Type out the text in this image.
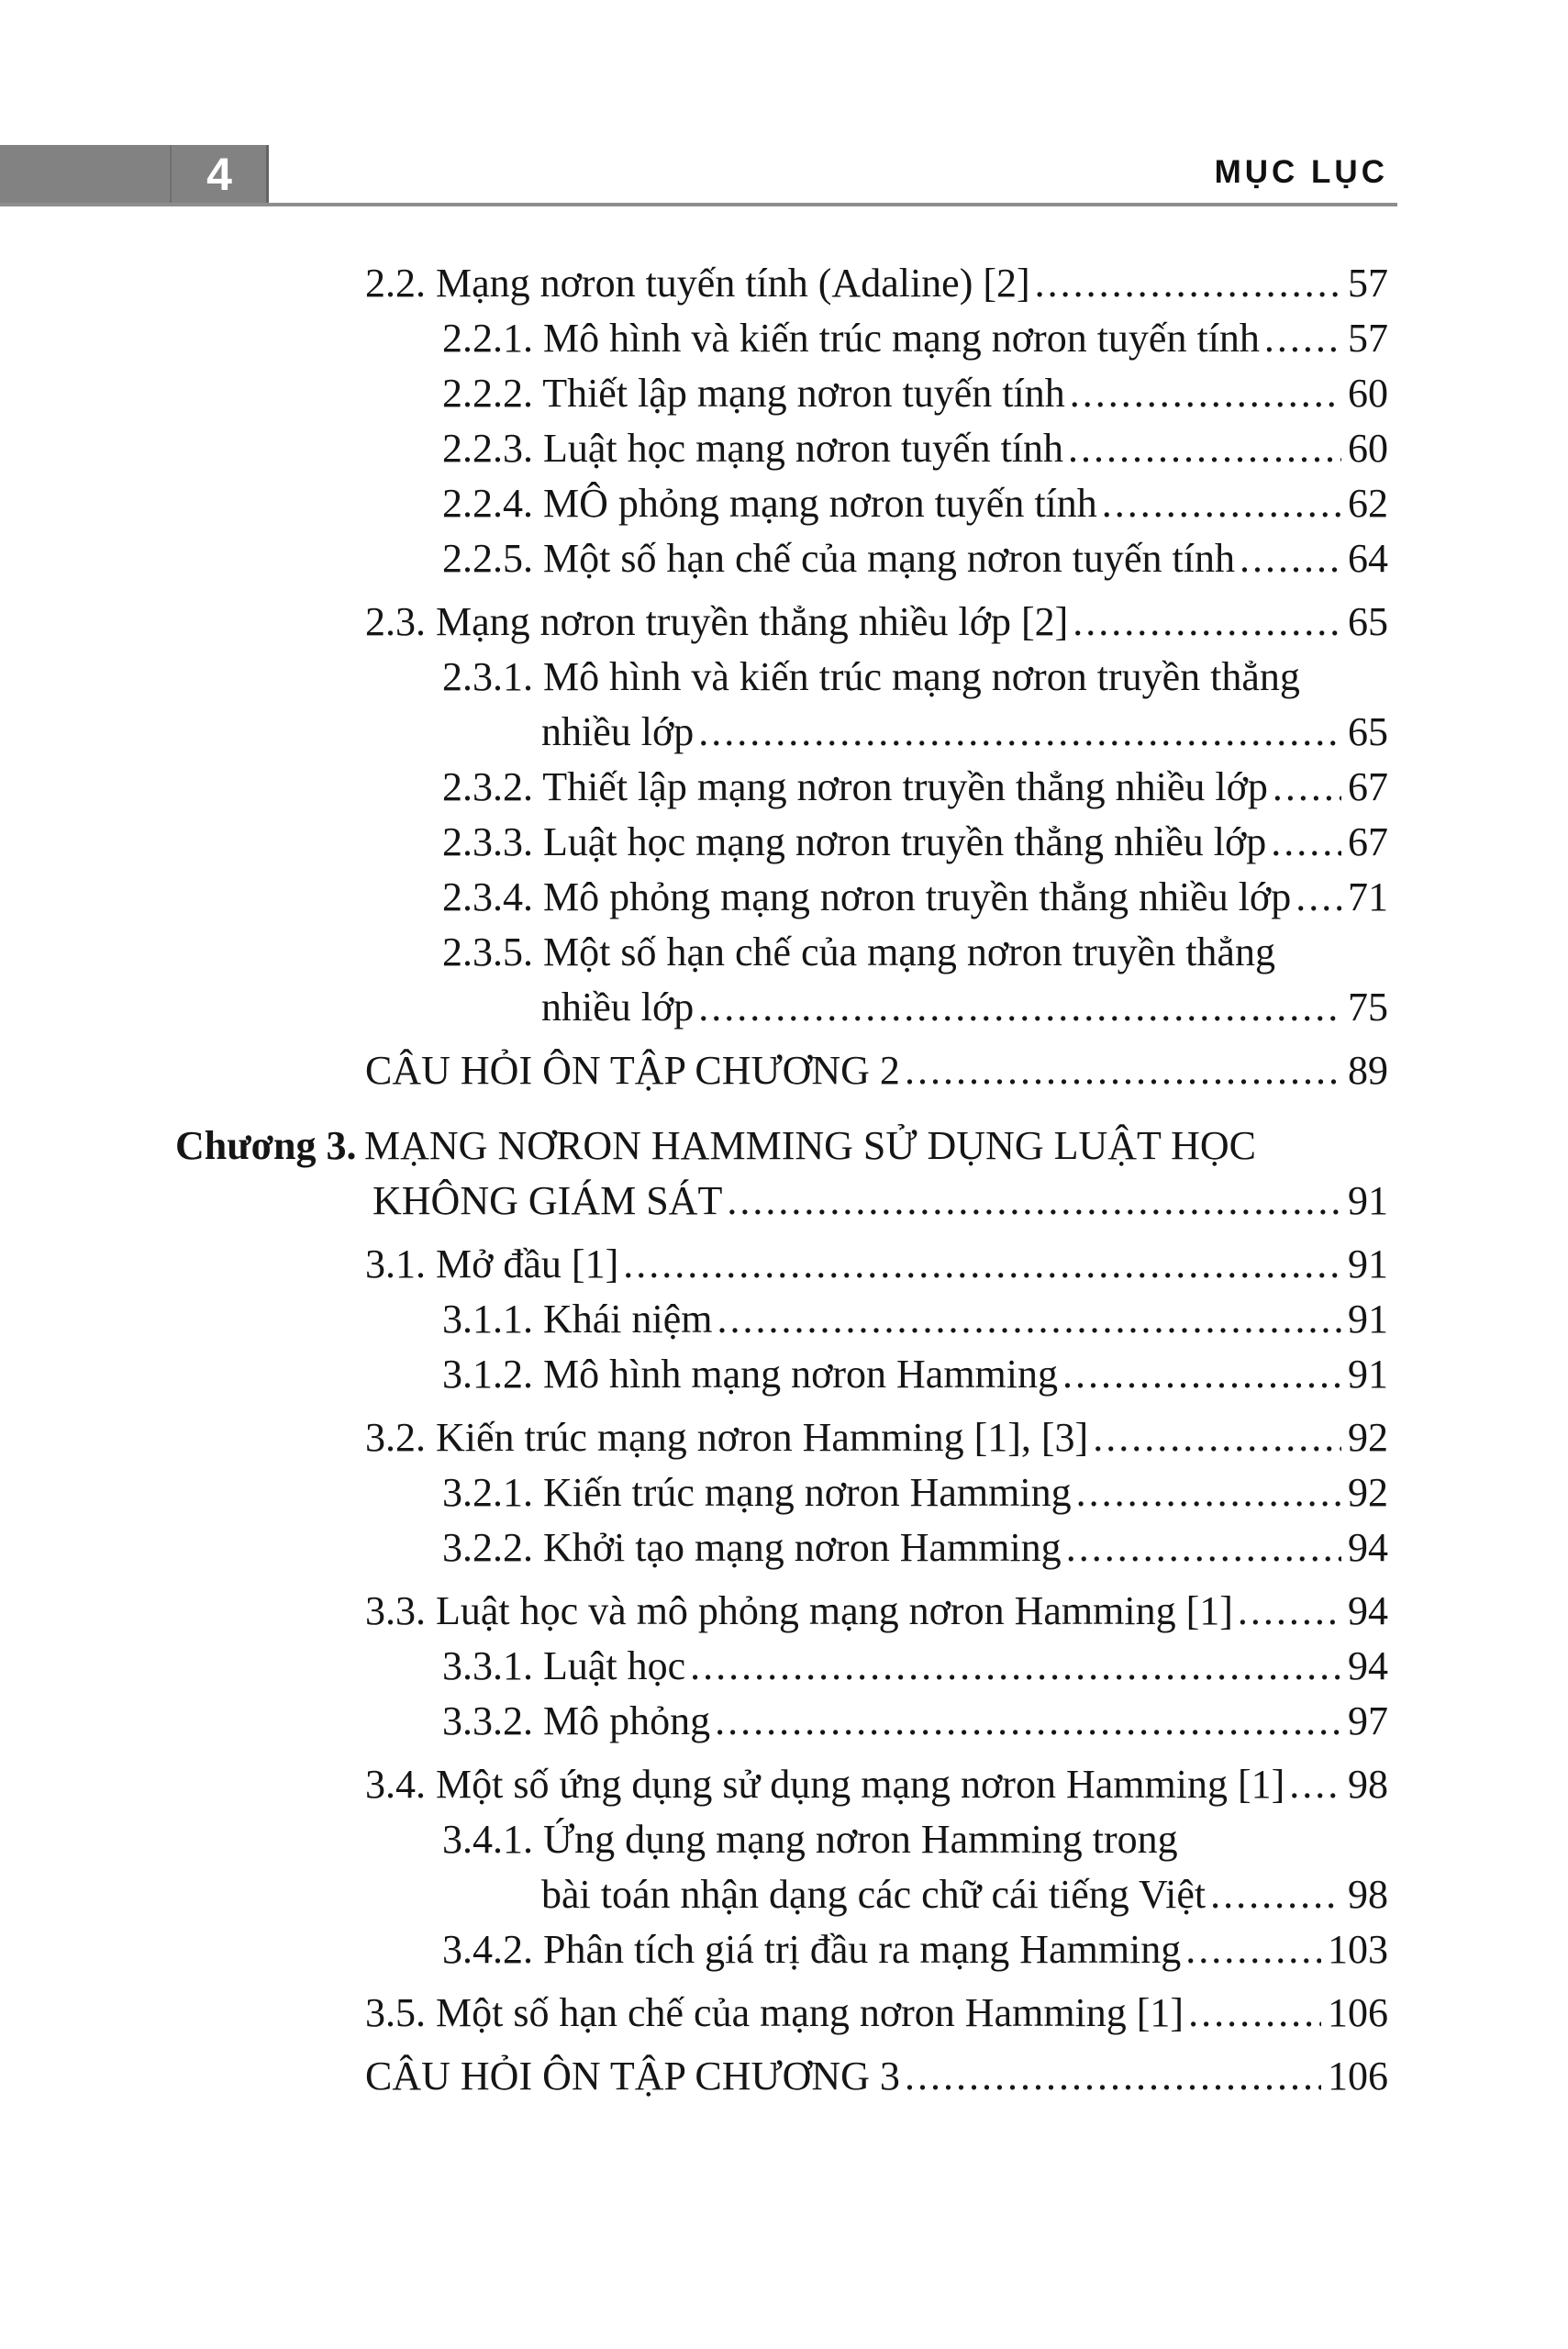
4	MỤC LỤC
2.2. Mạng nơron tuyến tính (Adaline) [2] .....	57
2.2.1. Mô hình và kiến trúc mạng nơron tuyến tính ..... 57
2.2.2. Thiết lập mạng nơron tuyến tính .....	60
2.2.3. Luật học mạng nơron tuyến tính .....	60
2.2.4. MÔ phỏng mạng nơron tuyến tính .....	62
2.2.5. Một số hạn chế của mạng nơron tuyến tính .....	64
2.3. Mạng nơron truyền thẳng nhiều lớp [2] .....	65
2.3.1. Mô hình và kiến trúc mạng nơron truyền thẳng
nhiều lớp .....	65
2.3.2. Thiết lập mạng nơron truyền thẳng nhiều lớp ..... 67
2.3.3. Luật học mạng nơron truyền thẳng nhiều lớp ..... 67
2.3.4. Mô phỏng mạng nơron truyền thẳng nhiều lớp ..... 71
2.3.5. Một số hạn chế của mạng nơron truyền thẳng
nhiều lớp .....	75
CÂU HỎI ÔN TẬP CHƯƠNG 2 .....	89
Chương 3. MẠNG NƠRON HAMMING SỬ DỤNG LUẬT HỌC
KHÔNG GIÁM SÁT .....	91
3.1. Mở đầu [1] .....	91
3.1.1. Khái niệm .....	91
3.1.2. Mô hình mạng nơron Hamming .....	91
3.2. Kiến trúc mạng nơron Hamming [1], [3] .....	92
3.2.1. Kiến trúc mạng nơron Hamming .....	92
3.2.2. Khởi tạo mạng nơron Hamming .....	94
3.3. Luật học và mô phỏng mạng nơron Hamming [1] .....	94
3.3.1. Luật học .....	94
3.3.2. Mô phỏng .....	97
3.4. Một số ứng dụng sử dụng mạng nơron Hamming [1] ..... 98
3.4.1. Ứng dụng mạng nơron Hamming trong
bài toán nhận dạng các chữ cái tiếng Việt .....	98
3.4.2. Phân tích giá trị đầu ra mạng Hamming .....	103
3.5. Một số hạn chế của mạng nơron Hamming [1] .....	106
CÂU HỎI ÔN TẬP CHƯƠNG 3 .....	106
